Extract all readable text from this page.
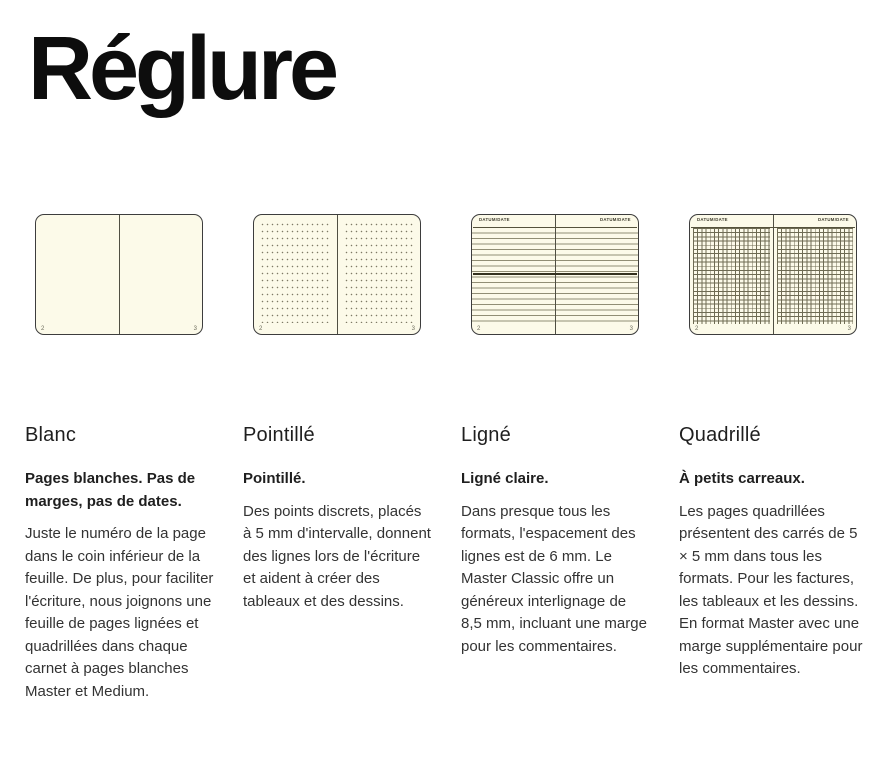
Réglure
2	3
Blanc

Pages blanches. Pas de marges, pas de dates.

Juste le numéro de la page dans le coin inférieur de la feuille. De plus, pour faciliter l'écriture, nous joignons une feuille de pages lignées et quadrillées dans chaque carnet à pages blanches Master et Medium.

2	3
Pointillé

Pointillé.

Des points discrets, placés à 5 mm d'intervalle, donnent des lignes lors de l'écriture et aident à créer des tableaux et des dessins.

DATUM/DATE
2
DATUM/DATE
3
Ligné

Ligné claire.

Dans presque tous les formats, l'espacement des lignes est de 6 mm. Le Master Classic offre un généreux interlignage de 8,5 mm, incluant une marge pour les commentaires.

DATUM/DATE
2
DATUM/DATE
3
Quadrillé

À petits carreaux.

Les pages quadrillées présentent des carrés de 5 × 5 mm dans tous les formats. Pour les factures, les tableaux et les dessins. En format Master avec une marge supplémentaire pour les commentaires.
